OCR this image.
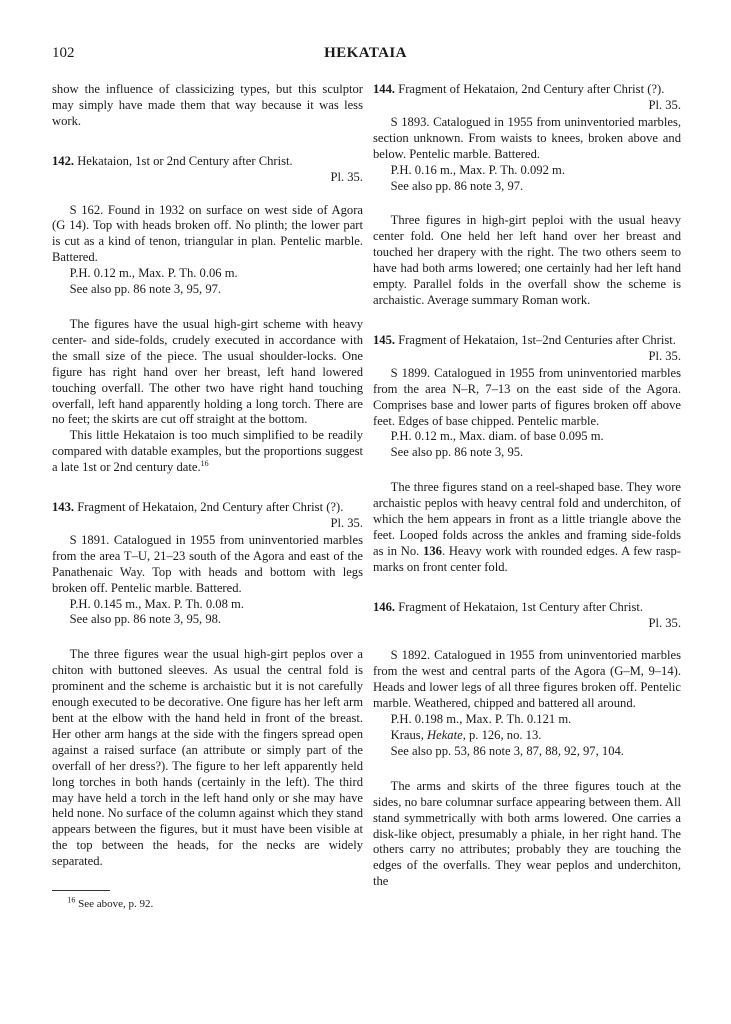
102	HEKATAIA

show the influence of classicizing types, but this sculptor may simply have made them that way because it was less work.

142. Hekataion, 1st or 2nd Century after Christ.
Pl. 35.

S 162. Found in 1932 on surface on west side of Agora (G 14). Top with heads broken off. No plinth; the lower part is cut as a kind of tenon, triangular in plan. Pentelic marble. Battered.

P.H. 0.12 m., Max. P. Th. 0.06 m.

See also pp. 86 note 3, 95, 97.

The figures have the usual high-girt scheme with heavy center- and side-folds, crudely executed in accordance with the small size of the piece. The usual shoulder-locks. One figure has right hand over her breast, left hand lowered touching overfall. The other two have right hand touching overfall, left hand apparently holding a long torch. There are no feet; the skirts are cut off straight at the bottom.

This little Hekataion is too much simplified to be readily compared with datable examples, but the proportions suggest a late 1st or 2nd century date.$^{16}$

143. Fragment of Hekataion, 2nd Century after Christ (?).
Pl. 35.

S 1891. Catalogued in 1955 from uninventoried marbles from the area T–U, 21–23 south of the Agora and east of the Panathenaic Way. Top with heads and bottom with legs broken off. Pentelic marble. Battered.

P.H. 0.145 m., Max. P. Th. 0.08 m.

See also pp. 86 note 3, 95, 98.

The three figures wear the usual high-girt peplos over a chiton with buttoned sleeves. As usual the central fold is prominent and the scheme is archaistic but it is not carefully enough executed to be decorative. One figure has her left arm bent at the elbow with the hand held in front of the breast. Her other arm hangs at the side with the fingers spread open against a raised surface (an attribute or simply part of the overfall of her dress?). The figure to her left apparently held long torches in both hands (certainly in the left). The third may have held a torch in the left hand only or she may have held none. No surface of the column against which they stand appears between the figures, but it must have been visible at the top between the heads, for the necks are widely separated.

$^{16}$ See above, p. 92.

144. Fragment of Hekataion, 2nd Century after Christ (?).
Pl. 35.

S 1893. Catalogued in 1955 from uninventoried marbles, section unknown. From waists to knees, broken above and below. Pentelic marble. Battered.

P.H. 0.16 m., Max. P. Th. 0.092 m.

See also pp. 86 note 3, 97.

Three figures in high-girt peploi with the usual heavy center fold. One held her left hand over her breast and touched her drapery with the right. The two others seem to have had both arms lowered; one certainly had her left hand empty. Parallel folds in the overfall show the scheme is archaistic. Average summary Roman work.

145. Fragment of Hekataion, 1st–2nd Centuries after Christ.
Pl. 35.

S 1899. Catalogued in 1955 from uninventoried marbles from the area N–R, 7–13 on the east side of the Agora. Comprises base and lower parts of figures broken off above feet. Edges of base chipped. Pentelic marble.

P.H. 0.12 m., Max. diam. of base 0.095 m.

See also pp. 86 note 3, 95.

The three figures stand on a reel-shaped base. They wore archaistic peplos with heavy central fold and underchiton, of which the hem appears in front as a little triangle above the feet. Looped folds across the ankles and framing side-folds as in No. 136. Heavy work with rounded edges. A few rasp-marks on front center fold.

146. Fragment of Hekataion, 1st Century after Christ.
Pl. 35.

S 1892. Catalogued in 1955 from uninventoried marbles from the west and central parts of the Agora (G–M, 9–14). Heads and lower legs of all three figures broken off. Pentelic marble. Weathered, chipped and battered all around.

P.H. 0.198 m., Max. P. Th. 0.121 m.

Kraus, Hekate, p. 126, no. 13.

See also pp. 53, 86 note 3, 87, 88, 92, 97, 104.

The arms and skirts of the three figures touch at the sides, no bare columnar surface appearing between them. All stand symmetrically with both arms lowered. One carries a disk-like object, presumably a phiale, in her right hand. The others carry no attributes; probably they are touching the edges of the overfalls. They wear peplos and underchiton, the
